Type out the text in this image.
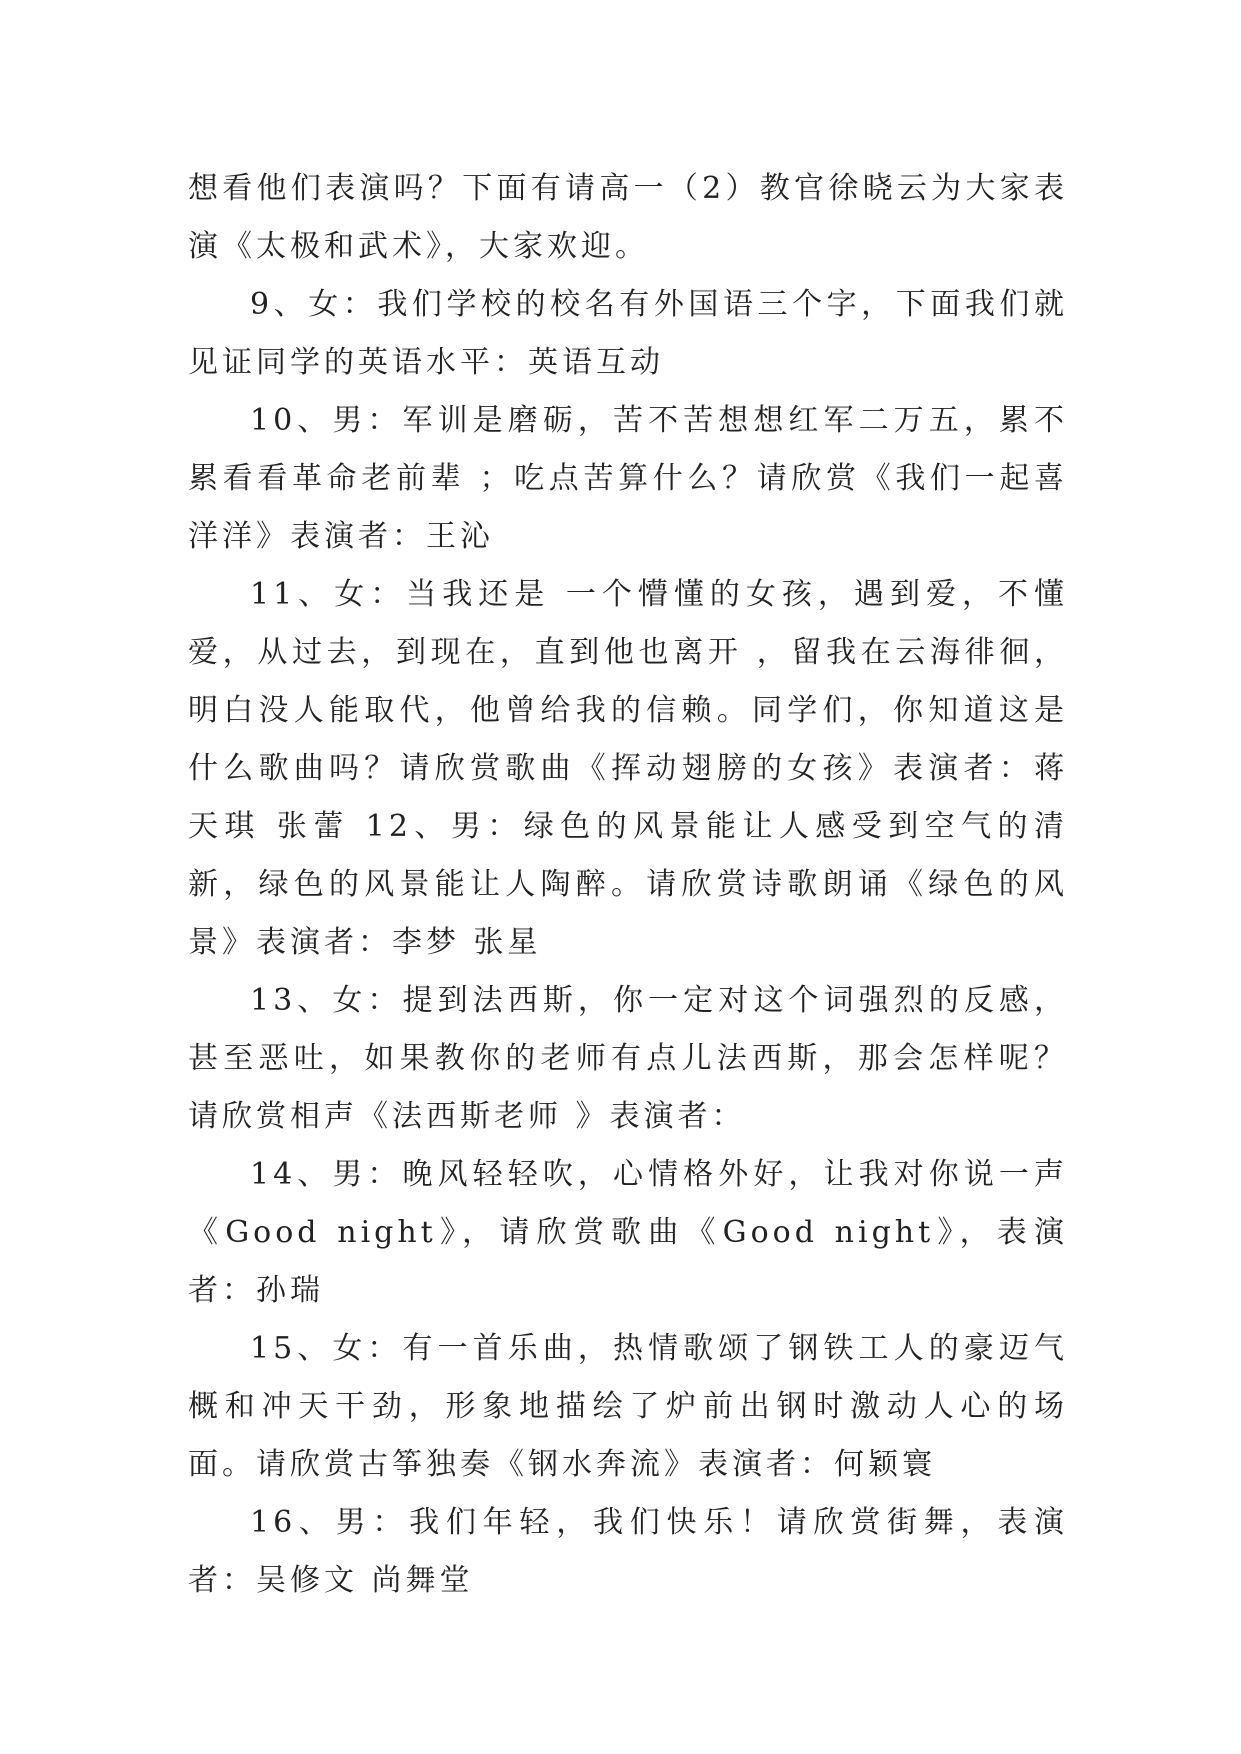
想看他们表演吗？下面有请高一（2）教官徐晓云为大家表演《太极和武术》，大家欢迎。

9、女：我们学校的校名有外国语三个字，下面我们就见证同学的英语水平：英语互动

10、男：军训是磨砺，苦不苦想想红军二万五，累不累看看革命老前辈 ；吃点苦算什么？请欣赏《我们一起喜洋洋》表演者：王沁

11、女：当我还是 一个懵懂的女孩，遇到爱，不懂爱，从过去，到现在，直到他也离开 ，留我在云海徘徊，明白没人能取代，他曾给我的信赖。同学们，你知道这是什么歌曲吗？请欣赏歌曲《挥动翅膀的女孩》表演者：蒋天琪 张蕾 12、男：绿色的风景能让人感受到空气的清新，绿色的风景能让人陶醉。请欣赏诗歌朗诵《绿色的风景》表演者：李梦 张星

13、女：提到法西斯，你一定对这个词强烈的反感，甚至恶吐，如果教你的老师有点儿法西斯，那会怎样呢？请欣赏相声《法西斯老师 》表演者：

14、男：晚风轻轻吹，心情格外好，让我对你说一声《Good night》，请欣赏歌曲《Good night》，表演者：孙瑞

15、女：有一首乐曲，热情歌颂了钢铁工人的豪迈气概和冲天干劲，形象地描绘了炉前出钢时激动人心的场面。请欣赏古筝独奏《钢水奔流》表演者：何颖寰

16、男：我们年轻，我们快乐！请欣赏街舞，表演者：吴修文 尚舞堂
